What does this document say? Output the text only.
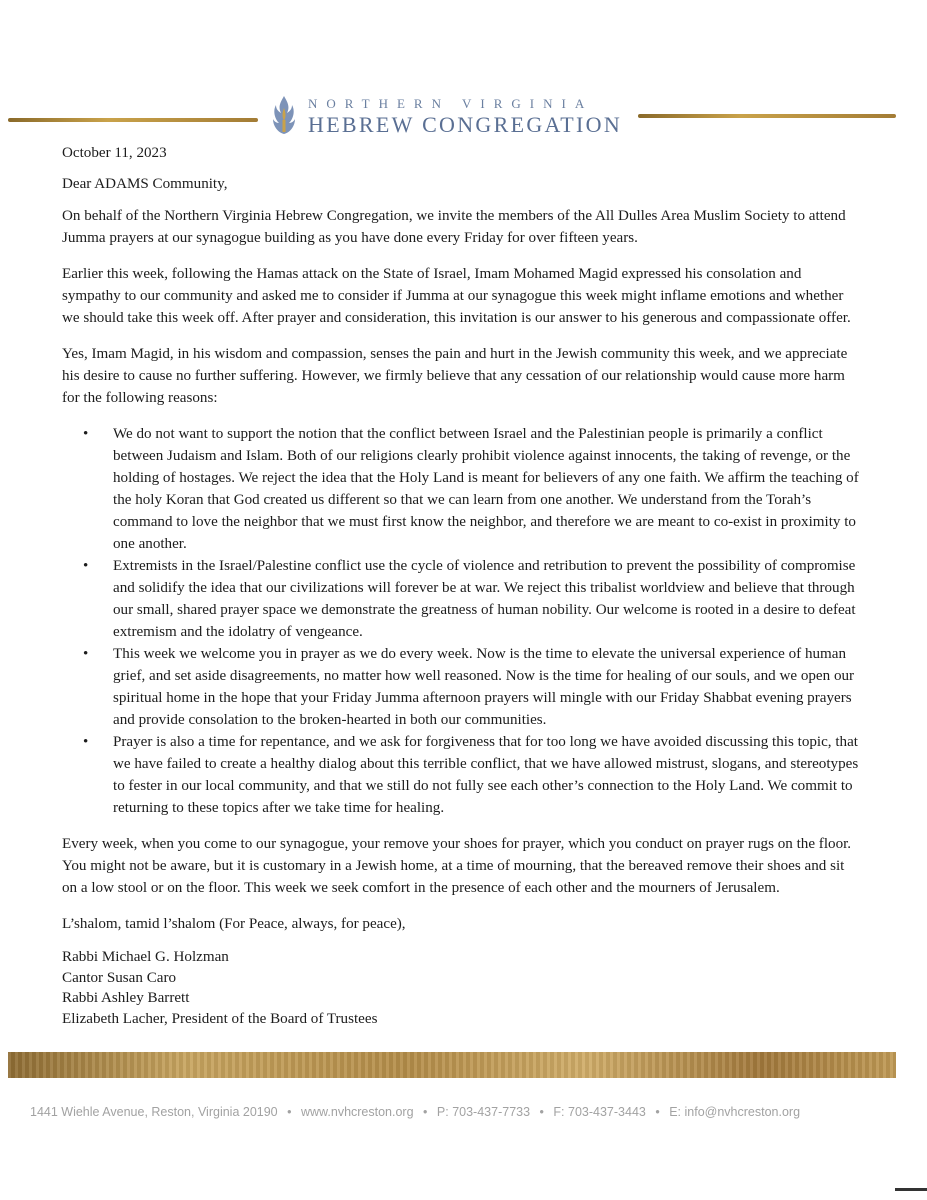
NORTHERN VIRGINIA
HEBREW CONGREGATION

October 11, 2023

Dear ADAMS Community,

On behalf of the Northern Virginia Hebrew Congregation, we invite the members of the All Dulles Area Muslim Society to attend Jumma prayers at our synagogue building as you have done every Friday for over fifteen years.

Earlier this week, following the Hamas attack on the State of Israel, Imam Mohamed Magid expressed his consolation and sympathy to our community and asked me to consider if Jumma at our synagogue this week might inflame emotions and whether we should take this week off. After prayer and consideration, this invitation is our answer to his generous and compassionate offer.

Yes, Imam Magid, in his wisdom and compassion, senses the pain and hurt in the Jewish community this week, and we appreciate his desire to cause no further suffering. However, we firmly believe that any cessation of our relationship would cause more harm for the following reasons:

• We do not want to support the notion that the conflict between Israel and the Palestinian people is primarily a conflict between Judaism and Islam. Both of our religions clearly prohibit violence against innocents, the taking of revenge, or the holding of hostages. We reject the idea that the Holy Land is meant for believers of any one faith. We affirm the teaching of the holy Koran that God created us different so that we can learn from one another. We understand from the Torah’s command to love the neighbor that we must first know the neighbor, and therefore we are meant to co-exist in proximity to one another.
• Extremists in the Israel/Palestine conflict use the cycle of violence and retribution to prevent the possibility of compromise and solidify the idea that our civilizations will forever be at war. We reject this tribalist worldview and believe that through our small, shared prayer space we demonstrate the greatness of human nobility. Our welcome is rooted in a desire to defeat extremism and the idolatry of vengeance.
• This week we welcome you in prayer as we do every week. Now is the time to elevate the universal experience of human grief, and set aside disagreements, no matter how well reasoned. Now is the time for healing of our souls, and we open our spiritual home in the hope that your Friday Jumma afternoon prayers will mingle with our Friday Shabbat evening prayers and provide consolation to the broken-hearted in both our communities.
• Prayer is also a time for repentance, and we ask for forgiveness that for too long we have avoided discussing this topic, that we have failed to create a healthy dialog about this terrible conflict, that we have allowed mistrust, slogans, and stereotypes to fester in our local community, and that we still do not fully see each other’s connection to the Holy Land. We commit to returning to these topics after we take time for healing.

Every week, when you come to our synagogue, your remove your shoes for prayer, which you conduct on prayer rugs on the floor. You might not be aware, but it is customary in a Jewish home, at a time of mourning, that the bereaved remove their shoes and sit on a low stool or on the floor. This week we seek comfort in the presence of each other and the mourners of Jerusalem.

L’shalom, tamid l’shalom (For Peace, always, for peace),

Rabbi Michael G. Holzman
Cantor Susan Caro
Rabbi Ashley Barrett
Elizabeth Lacher, President of the Board of Trustees
1441 Wiehle Avenue, Reston, Virginia 20190 • www.nvhcreston.org • P: 703-437-7733 • F: 703-437-3443 • E: info@nvhcreston.org
